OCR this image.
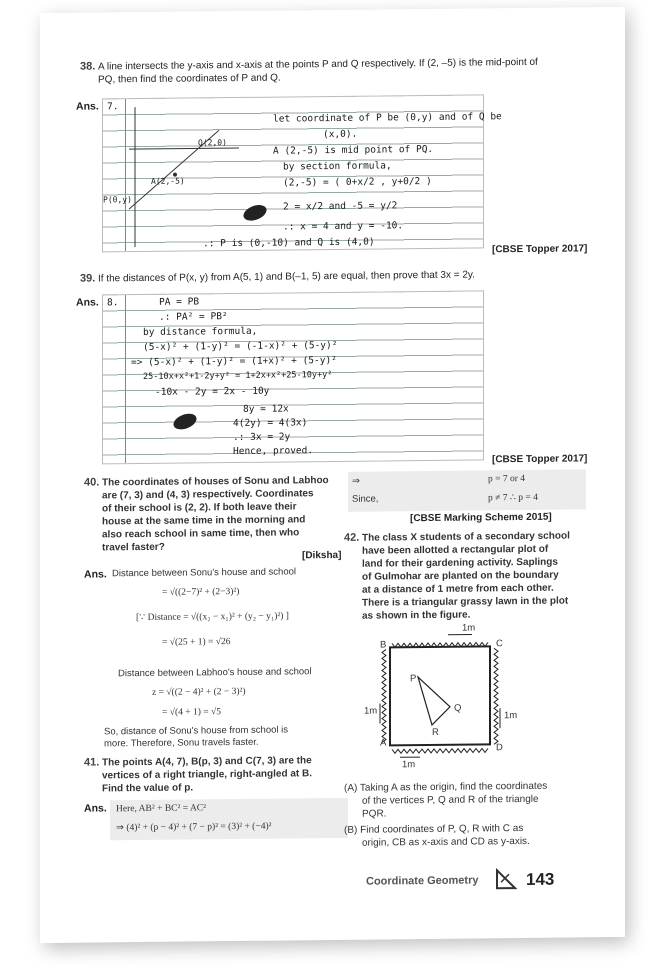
38. A line intersects the y-axis and x-axis at the points P and Q respectively. If (2, –5) is the mid-point of
PQ, then find the coordinates of P and Q.
Ans. 7.
Q(2,0)
A(2,-5)
P(0,y)
let coordinate of P be (0,y) and of Q be
(x,0).
A (2,-5) is mid point of PQ.
by section formula,
(2,-5) = ( 0+x/2 , y+0/2 )
2 = x/2 and -5 = y/2
.: x = 4 and y = -10.
.: P is (0,-10) and Q is (4,0)	[CBSE Topper 2017]
39. If the distances of P(x, y) from A(5, 1) and B(–1, 5) are equal, then prove that 3x = 2y.
Ans. 8.	PA = PB
.: PA² = PB²
by distance formula,
(5-x)² + (1-y)² = (-1-x)² + (5-y)²
=> (5-x)² + (1-y)² = (1+x)² + (5-y)²
25-10x+x²+1-2y+y² = 1+2x+x²+25-10y+y²
-10x - 2y = 2x - 10y
8y = 12x
4(2y) = 4(3x)
.: 3x = 2y
Hence, proved.
[CBSE Topper 2017]
40. The coordinates of houses of Sonu and Labhoo
are (7, 3) and (4, 3) respectively. Coordinates
of their school is (2, 2). If both leave their
house at the same time in the morning and
also reach school in same time, then who
travel faster?
[Diksha]
Ans. Distance between Sonu's house and school
= √((2−7)² + (2−3)²)
[∵ Distance = √((x₂ − x₁)² + (y₂ − y₁)²) ]
= √(25 + 1) = √26
Distance between Labhoo's house and school
z = √((2 − 4)² + (2 − 3)²)
= √(4 + 1) = √5
So, distance of Sonu's house from school is
more. Therefore, Sonu travels faster.
41. The points A(4, 7), B(p, 3) and C(7, 3) are the
vertices of a right triangle, right-angled at B.
Find the value of p.
Ans. Here, AB² + BC² = AC²
⇒ (4)² + (p − 4)² + (7 − p)² = (3)² + (−4)²
⇒	p = 7 or 4
Since,	p ≠ 7 ∴ p = 4
[CBSE Marking Scheme 2015]
42. The class X students of a secondary school
have been allotted a rectangular plot of
land for their gardening activity. Saplings
of Gulmohar are planted on the boundary
at a distance of 1 metre from each other.
There is a triangular grassy lawn in the plot
as shown in the figure.
B	C
A	D
P
Q
R
1m
1m	1m
1m
(A) Taking A as the origin, find the coordinates
of the vertices P, Q and R of the triangle
PQR.
(B) Find coordinates of P, Q, R with C as
origin, CB as x-axis and CD as y-axis.
Coordinate Geometry	143
